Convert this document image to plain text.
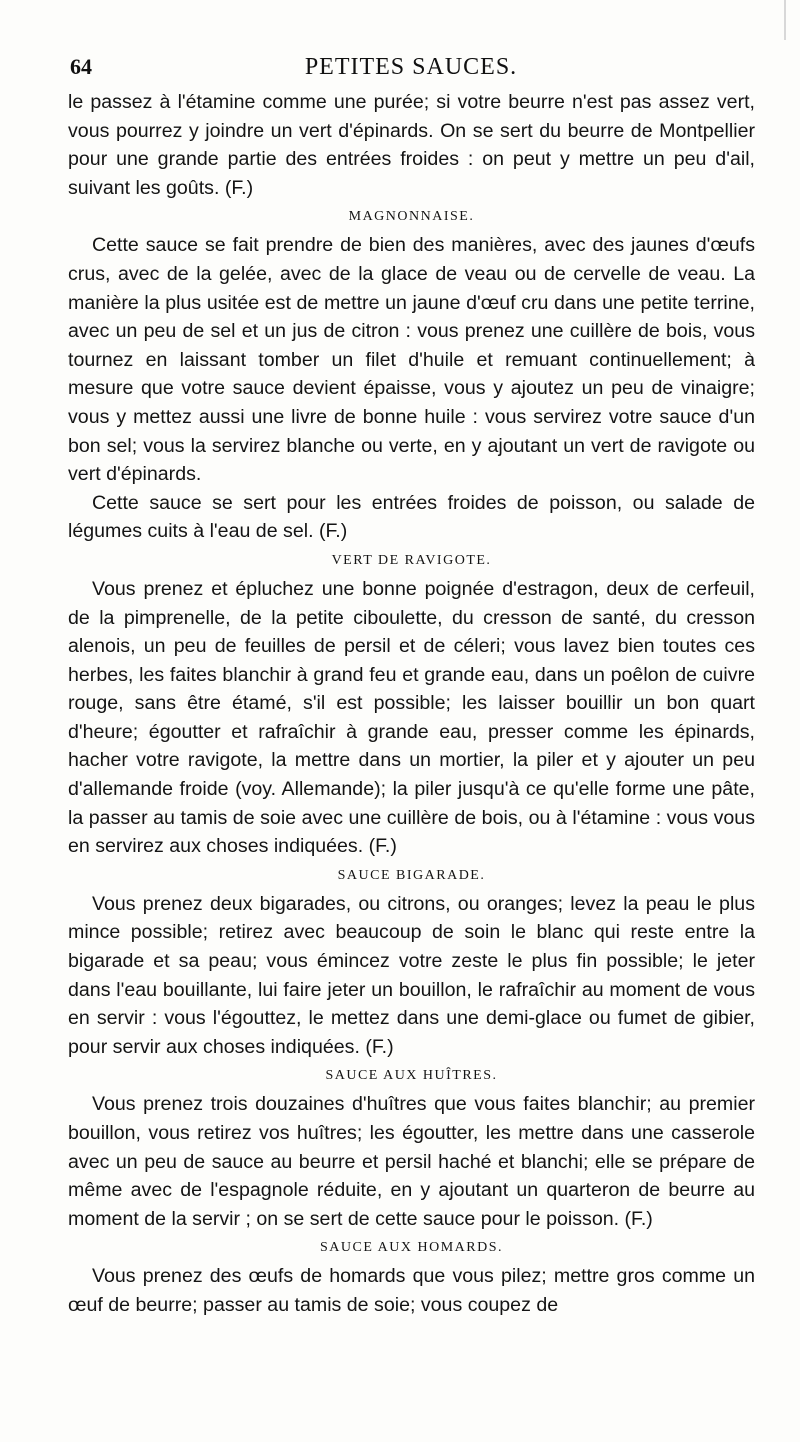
64	PETITES SAUCES.

le passez à l'étamine comme une purée; si votre beurre n'est pas assez vert, vous pourrez y joindre un vert d'épinards. On se sert du beurre de Montpellier pour une grande partie des entrées froides : on peut y mettre un peu d'ail, suivant les goûts. (F.)

MAGNONNAISE.

Cette sauce se fait prendre de bien des manières, avec des jaunes d'œufs crus, avec de la gelée, avec de la glace de veau ou de cervelle de veau. La manière la plus usitée est de mettre un jaune d'œuf cru dans une petite terrine, avec un peu de sel et un jus de citron : vous prenez une cuillère de bois, vous tournez en laissant tomber un filet d'huile et remuant continuellement; à mesure que votre sauce devient épaisse, vous y ajoutez un peu de vinaigre; vous y mettez aussi une livre de bonne huile : vous servirez votre sauce d'un bon sel; vous la servirez blanche ou verte, en y ajoutant un vert de ravigote ou vert d'épinards.

Cette sauce se sert pour les entrées froides de poisson, ou salade de légumes cuits à l'eau de sel. (F.)

VERT DE RAVIGOTE.

Vous prenez et épluchez une bonne poignée d'estragon, deux de cerfeuil, de la pimprenelle, de la petite ciboulette, du cresson de santé, du cresson alenois, un peu de feuilles de persil et de céleri; vous lavez bien toutes ces herbes, les faites blanchir à grand feu et grande eau, dans un poêlon de cuivre rouge, sans être étamé, s'il est possible; les laisser bouillir un bon quart d'heure; égoutter et rafraîchir à grande eau, presser comme les épinards, hacher votre ravigote, la mettre dans un mortier, la piler et y ajouter un peu d'allemande froide (voy. Allemande); la piler jusqu'à ce qu'elle forme une pâte, la passer au tamis de soie avec une cuillère de bois, ou à l'étamine : vous vous en servirez aux choses indiquées. (F.)

SAUCE BIGARADE.

Vous prenez deux bigarades, ou citrons, ou oranges; levez la peau le plus mince possible; retirez avec beaucoup de soin le blanc qui reste entre la bigarade et sa peau; vous émincez votre zeste le plus fin possible; le jeter dans l'eau bouillante, lui faire jeter un bouillon, le rafraîchir au moment de vous en servir : vous l'égouttez, le mettez dans une demi-glace ou fumet de gibier, pour servir aux choses indiquées. (F.)

SAUCE AUX HUÎTRES.

Vous prenez trois douzaines d'huîtres que vous faites blanchir; au premier bouillon, vous retirez vos huîtres; les égoutter, les mettre dans une casserole avec un peu de sauce au beurre et persil haché et blanchi; elle se prépare de même avec de l'espagnole réduite, en y ajoutant un quarteron de beurre au moment de la servir ; on se sert de cette sauce pour le poisson. (F.)

SAUCE AUX HOMARDS.

Vous prenez des œufs de homards que vous pilez; mettre gros comme un œuf de beurre; passer au tamis de soie; vous coupez de
